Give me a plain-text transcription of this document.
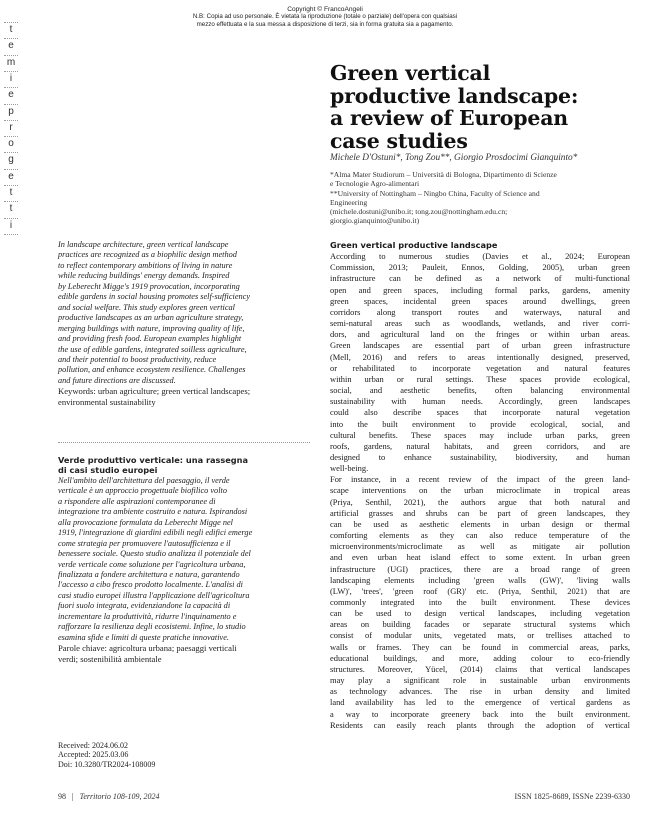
Copyright © FrancoAngeli
N.B: Copia ad uso personale. È vietata la riproduzione (totale o parziale) dell'opera con qualsiasi
mezzo effettuata e la sua messa a disposizione di terzi, sia in forma gratuita sia a pagamento.
t
e
m
i
e
p
r
o
g
e
t
t
i
Green vertical
productive landscape:
a review of European
case studies
Michele D'Ostuni*, Tong Zou**, Giorgio Prosdocimi Gianquinto*
*Alma Mater Studiorum – Università di Bologna, Dipartimento di Scienze
e Tecnologie Agro-alimentari
**University of Nottingham – Ningbo China, Faculty of Science and
Engineering
(michele.dostuni@unibo.it; tong.zou@nottingham.edu.cn;
giorgio.gianquinto@unibo.it)
In landscape architecture, green vertical landscape
practices are recognized as a biophilic design method
to reflect contemporary ambitions of living in nature
while reducing buildings' energy demands. Inspired
by Leberecht Migge's 1919 provocation, incorporating
edible gardens in social housing promotes self-sufficiency
and social welfare. This study explores green vertical
productive landscapes as an urban agriculture strategy,
merging buildings with nature, improving quality of life,
and providing fresh food. European examples highlight
the use of edible gardens, integrated soilless agriculture,
and their potential to boost productivity, reduce
pollution, and enhance ecosystem resilience. Challenges
and future directions are discussed.
Keywords: urban agriculture; green vertical landscapes;
environmental sustainability
Verde produttivo verticale: una rassegna
di casi studio europei
Nell'ambito dell'architettura del paesaggio, il verde
verticale è un approccio progettuale biofilico volto
a rispondere alle aspirazioni contemporanee di
integrazione tra ambiente costruito e natura. Ispirandosi
alla provocazione formulata da Leberecht Migge nel
1919, l'integrazione di giardini edibili negli edifici emerge
come strategia per promuovere l'autosufficienza e il
benessere sociale. Questo studio analizza il potenziale del
verde verticale come soluzione per l'agricoltura urbana,
finalizzata a fondere architettura e natura, garantendo
l'accesso a cibo fresco prodotto localmente. L'analisi di
casi studio europei illustra l'applicazione dell'agricoltura
fuori suolo integrata, evidenziandone la capacità di
incrementare la produttività, ridurre l'inquinamento e
rafforzare la resilienza degli ecosistemi. Infine, lo studio
esamina sfide e limiti di queste pratiche innovative.
Parole chiave: agricoltura urbana; paesaggi verticali
verdi; sostenibilità ambientale
Received: 2024.06.02
Accepted: 2025.03.06
Doi: 10.3280/TR2024-108009
Green vertical productive landscape
According to numerous studies (Davies et al., 2024; European
Commission, 2013; Pauleit, Ennos, Golding, 2005), urban green
infrastructure can be defined as a network of multi-functional
open and green spaces, including formal parks, gardens, amenity
green spaces, incidental green spaces around dwellings, green
corridors along transport routes and waterways, natural and
semi-natural areas such as woodlands, wetlands, and river corri-
dors, and agricultural land on the fringes or within urban areas.
Green landscapes are essential part of urban green infrastructure
(Mell, 2016) and refers to areas intentionally designed, preserved,
or rehabilitated to incorporate vegetation and natural features
within urban or rural settings. These spaces provide ecological,
social, and aesthetic benefits, often balancing environmental
sustainability with human needs. Accordingly, green landscapes
could also describe spaces that incorporate natural vegetation
into the built environment to provide ecological, social, and
cultural benefits. These spaces may include urban parks, green
roofs, gardens, natural habitats, and green corridors, and are
designed to enhance sustainability, biodiversity, and human
well-being.
For instance, in a recent review of the impact of the green land-
scape interventions on the urban microclimate in tropical areas
(Priya, Senthil, 2021), the authors argue that both natural and
artificial grasses and shrubs can be part of green landscapes, they
can be used as aesthetic elements in urban design or thermal
comforting elements as they can also reduce temperature of the
microenvironments/microclimate as well as mitigate air pollution
and even urban heat island effect to some extent. In urban green
infrastructure (UGI) practices, there are a broad range of green
landscaping elements including 'green walls (GW)', 'living walls
(LW)', 'trees', 'green roof (GR)' etc. (Priya, Senthil, 2021) that are
commonly integrated into the built environment. These devices
can be used to design vertical landscapes, including vegetation
areas on building facades or separate structural systems which
consist of modular units, vegetated mats, or trellises attached to
walls or frames. They can be found in commercial areas, parks,
educational buildings, and more, adding colour to eco-friendly
structures. Moreover, Yücel, (2014) claims that vertical landscapes
may play a significant role in sustainable urban environments
as technology advances. The rise in urban density and limited
land availability has led to the emergence of vertical gardens as
a way to incorporate greenery back into the built environment.
Residents can easily reach plants through the adoption of vertical
98 | Territorio 108-109, 2024	ISSN 1825-8689, ISSNe 2239-6330
